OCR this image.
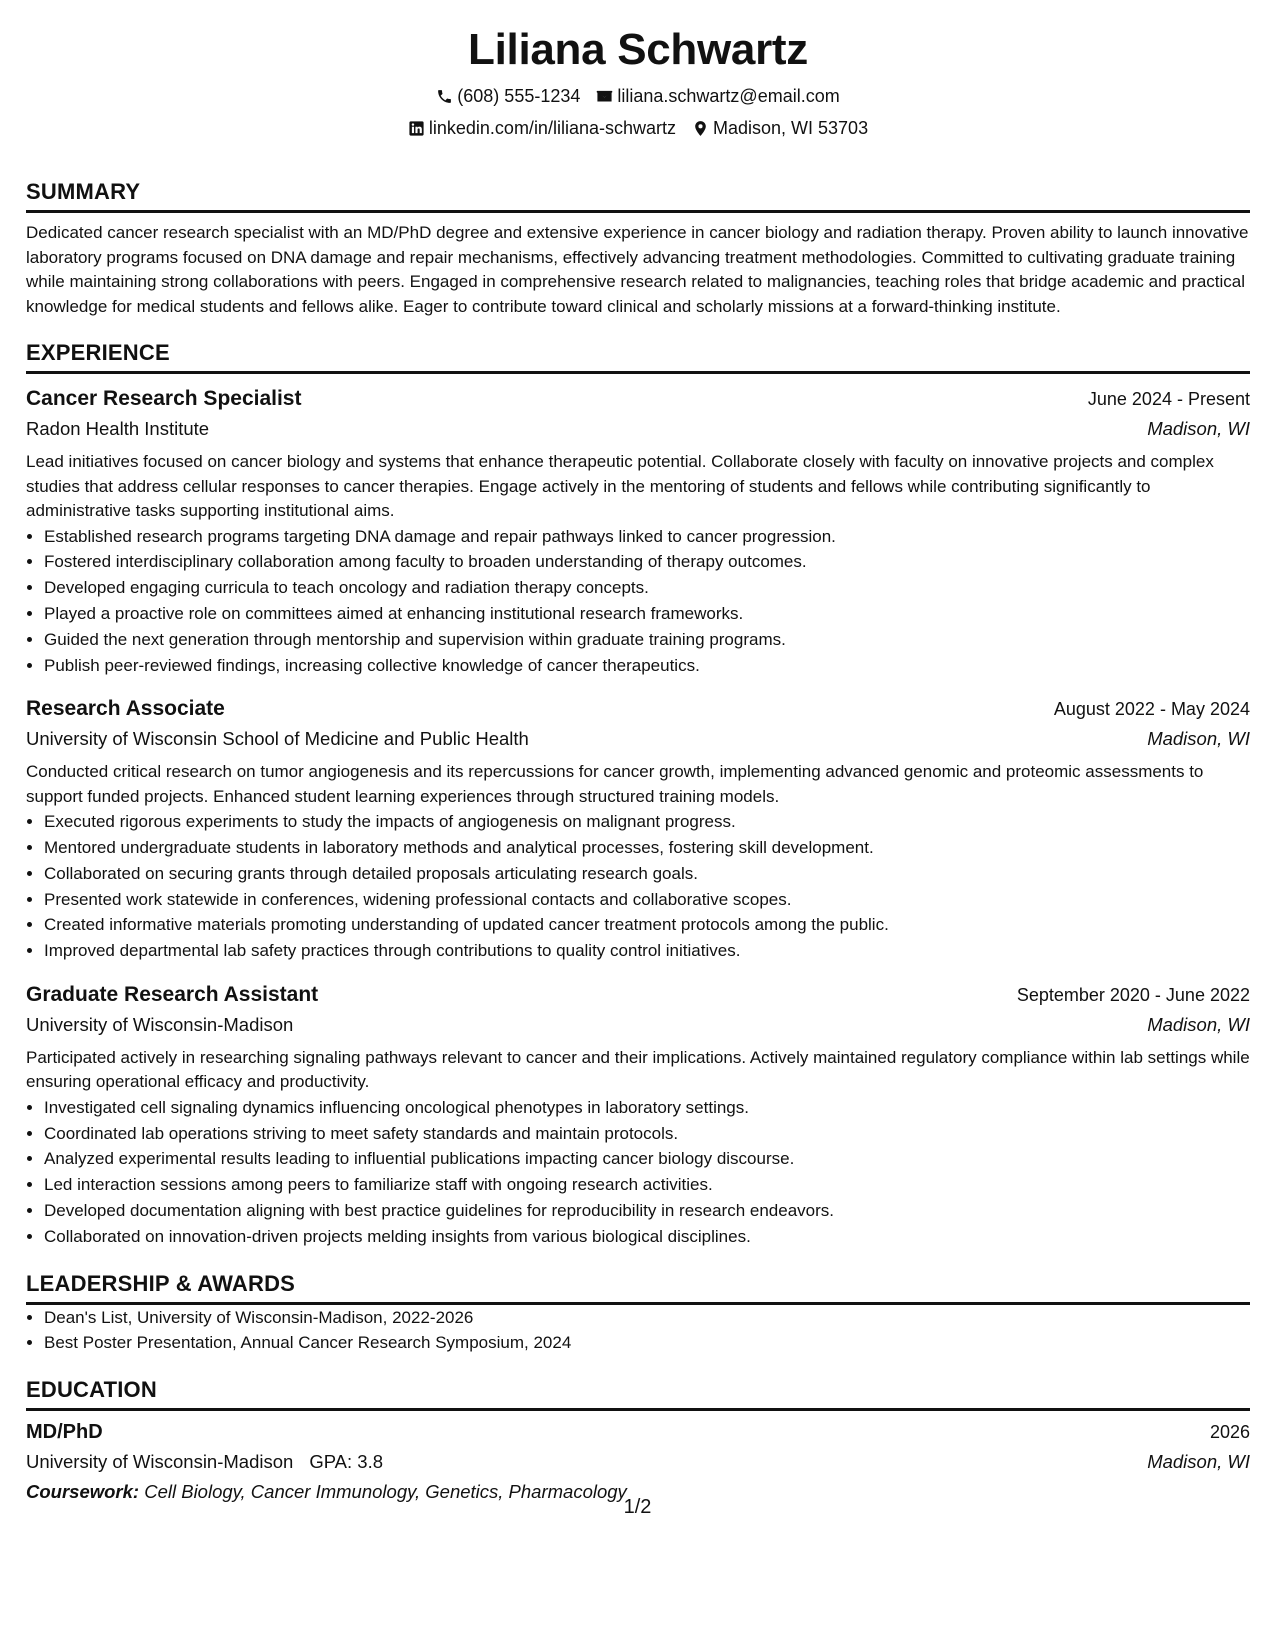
Liliana Schwartz
(608) 555-1234 liliana.schwartz@email.com
linkedin.com/in/liliana-schwartz Madison, WI 53703
SUMMARY
Dedicated cancer research specialist with an MD/PhD degree and extensive experience in cancer biology and radiation therapy. Proven ability to launch innovative laboratory programs focused on DNA damage and repair mechanisms, effectively advancing treatment methodologies. Committed to cultivating graduate training while maintaining strong collaborations with peers. Engaged in comprehensive research related to malignancies, teaching roles that bridge academic and practical knowledge for medical students and fellows alike. Eager to contribute toward clinical and scholarly missions at a forward-thinking institute.
EXPERIENCE
Cancer Research Specialist	June 2024 - Present
Radon Health Institute	Madison, WI
Lead initiatives focused on cancer biology and systems that enhance therapeutic potential. Collaborate closely with faculty on innovative projects and complex studies that address cellular responses to cancer therapies. Engage actively in the mentoring of students and fellows while contributing significantly to administrative tasks supporting institutional aims.
• Established research programs targeting DNA damage and repair pathways linked to cancer progression.
• Fostered interdisciplinary collaboration among faculty to broaden understanding of therapy outcomes.
• Developed engaging curricula to teach oncology and radiation therapy concepts.
• Played a proactive role on committees aimed at enhancing institutional research frameworks.
• Guided the next generation through mentorship and supervision within graduate training programs.
• Publish peer-reviewed findings, increasing collective knowledge of cancer therapeutics.
Research Associate	August 2022 - May 2024
University of Wisconsin School of Medicine and Public Health	Madison, WI
Conducted critical research on tumor angiogenesis and its repercussions for cancer growth, implementing advanced genomic and proteomic assessments to support funded projects. Enhanced student learning experiences through structured training models.
• Executed rigorous experiments to study the impacts of angiogenesis on malignant progress.
• Mentored undergraduate students in laboratory methods and analytical processes, fostering skill development.
• Collaborated on securing grants through detailed proposals articulating research goals.
• Presented work statewide in conferences, widening professional contacts and collaborative scopes.
• Created informative materials promoting understanding of updated cancer treatment protocols among the public.
• Improved departmental lab safety practices through contributions to quality control initiatives.
Graduate Research Assistant	September 2020 - June 2022
University of Wisconsin-Madison	Madison, WI
Participated actively in researching signaling pathways relevant to cancer and their implications. Actively maintained regulatory compliance within lab settings while ensuring operational efficacy and productivity.
• Investigated cell signaling dynamics influencing oncological phenotypes in laboratory settings.
• Coordinated lab operations striving to meet safety standards and maintain protocols.
• Analyzed experimental results leading to influential publications impacting cancer biology discourse.
• Led interaction sessions among peers to familiarize staff with ongoing research activities.
• Developed documentation aligning with best practice guidelines for reproducibility in research endeavors.
• Collaborated on innovation-driven projects melding insights from various biological disciplines.
LEADERSHIP & AWARDS
• Dean's List, University of Wisconsin-Madison, 2022-2026
• Best Poster Presentation, Annual Cancer Research Symposium, 2024
EDUCATION
MD/PhD	2026
University of Wisconsin-Madison GPA: 3.8	Madison, WI
Coursework: Cell Biology, Cancer Immunology, Genetics, Pharmacology
1/2
